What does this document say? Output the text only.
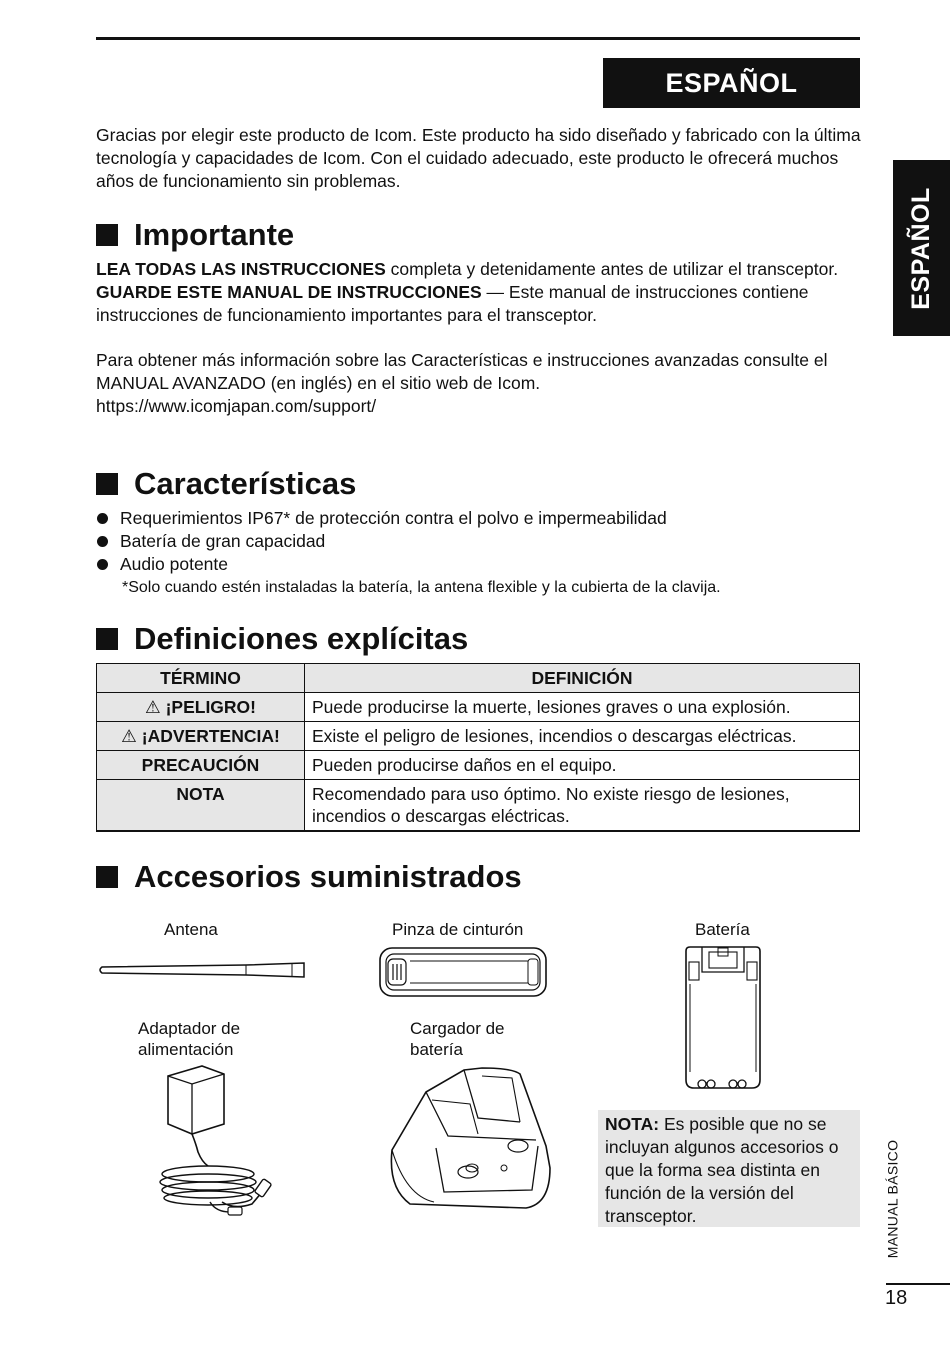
ESPAÑOL
ESPAÑOL

Gracias por elegir este producto de Icom. Este producto ha sido diseñado y fabricado con la última tecnología y capacidades de Icom. Con el cuidado adecuado, este producto le ofrecerá muchos años de funcionamiento sin problemas.

Importante

LEA TODAS LAS INSTRUCCIONES completa y detenidamente antes de utilizar el transceptor.

GUARDE ESTE MANUAL DE INSTRUCCIONES — Este manual de instrucciones contiene instrucciones de funcionamiento importantes para el transceptor.

Para obtener más información sobre las Características e instrucciones avanzadas consulte el MANUAL AVANZADO (en inglés) en el sitio web de Icom.

https://www.icomjapan.com/support/

Características
Requerimientos IP67* de protección contra el polvo e impermeabilidad
Batería de gran capacidad
Audio potente

*Solo cuando estén instaladas la batería, la antena flexible y la cubierta de la clavija.

Definiciones explícitas
TÉRMINO	DEFINICIÓN
⚠ ¡PELIGRO!	Puede producirse la muerte, lesiones graves o una explosión.
⚠ ¡ADVERTENCIA!	Existe el peligro de lesiones, incendios o descargas eléctricas.
PRECAUCIÓN	Pueden producirse daños en el equipo.
NOTA	Recomendado para uso óptimo. No existe riesgo de lesiones, incendios o descargas eléctricas.
Accesorios suministrados
Antena	Pinza de cinturón	Batería
Adaptador de alimentación
Cargador de batería
NOTA: Es posible que no se incluyan algunos accesorios o que la forma sea distinta en función de la versión del transceptor.	MANUAL BÁSICO
18
